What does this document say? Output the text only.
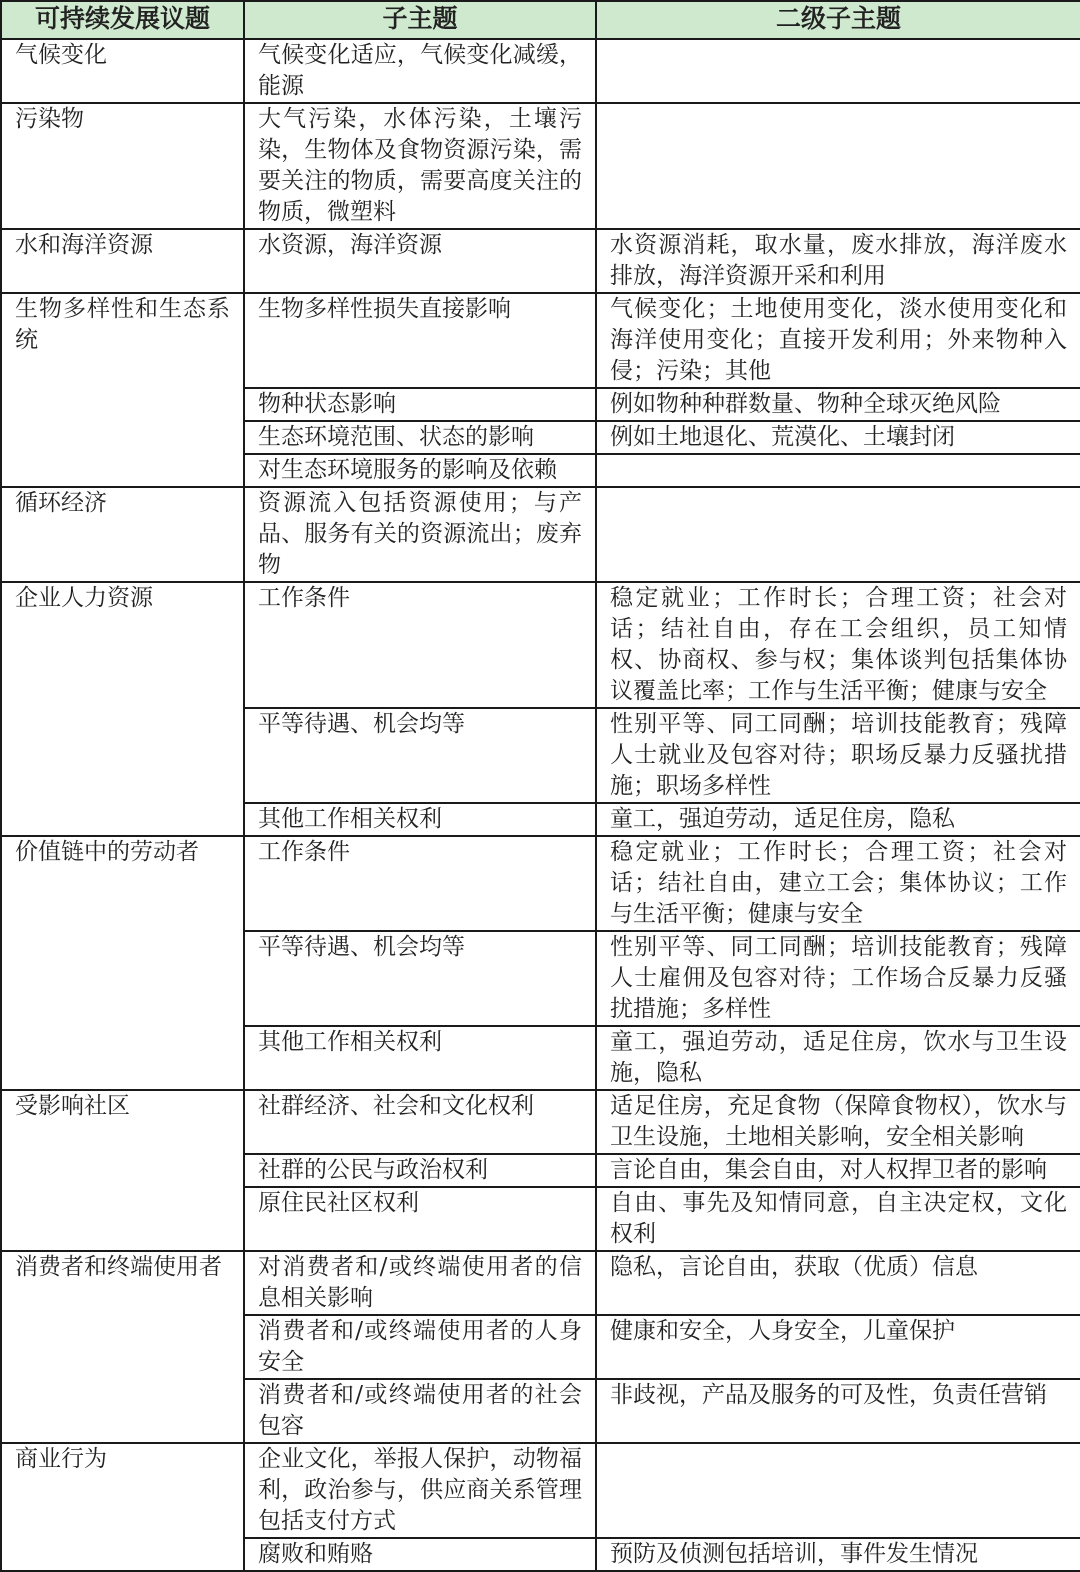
可持续发展议题	子主题	二级子主题
气候变化	气候变化适应，气候变化减缓，能源	
污染物	大气污染，水体污染，土壤污染，生物体及食物资源污染，需要关注的物质，需要高度关注的物质，微塑料	
水和海洋资源	水资源，海洋资源	水资源消耗，取水量，废水排放，海洋废水排放，海洋资源开采和利用
生物多样性和生态系统	生物多样性损失直接影响	气候变化；土地使用变化，淡水使用变化和海洋使用变化；直接开发利用；外来物种入侵；污染；其他
	物种状态影响	例如物种种群数量、物种全球灭绝风险
	生态环境范围、状态的影响	例如土地退化、荒漠化、土壤封闭
	对生态环境服务的影响及依赖	
循环经济	资源流入包括资源使用；与产品、服务有关的资源流出；废弃物	
企业人力资源	工作条件	稳定就业；工作时长；合理工资；社会对话；结社自由，存在工会组织，员工知情权、协商权、参与权；集体谈判包括集体协议覆盖比率；工作与生活平衡；健康与安全
	平等待遇、机会均等	性别平等、同工同酬；培训技能教育；残障人士就业及包容对待；职场反暴力反骚扰措施；职场多样性
	其他工作相关权利	童工，强迫劳动，适足住房，隐私
价值链中的劳动者	工作条件	稳定就业；工作时长；合理工资；社会对话；结社自由，建立工会；集体协议；工作与生活平衡；健康与安全
	平等待遇、机会均等	性别平等、同工同酬；培训技能教育；残障人士雇佣及包容对待；工作场合反暴力反骚扰措施；多样性
	其他工作相关权利	童工，强迫劳动，适足住房，饮水与卫生设施，隐私
受影响社区	社群经济、社会和文化权利	适足住房，充足食物（保障食物权），饮水与卫生设施，土地相关影响，安全相关影响
	社群的公民与政治权利	言论自由，集会自由，对人权捍卫者的影响
	原住民社区权利	自由、事先及知情同意，自主决定权，文化权利
消费者和终端使用者	对消费者和/或终端使用者的信息相关影响	隐私，言论自由，获取（优质）信息
	消费者和/或终端使用者的人身安全	健康和安全，人身安全，儿童保护
	消费者和/或终端使用者的社会包容	非歧视，产品及服务的可及性，负责任营销
商业行为	企业文化，举报人保护，动物福利，政治参与，供应商关系管理包括支付方式	
	腐败和贿赂	预防及侦测包括培训，事件发生情况
